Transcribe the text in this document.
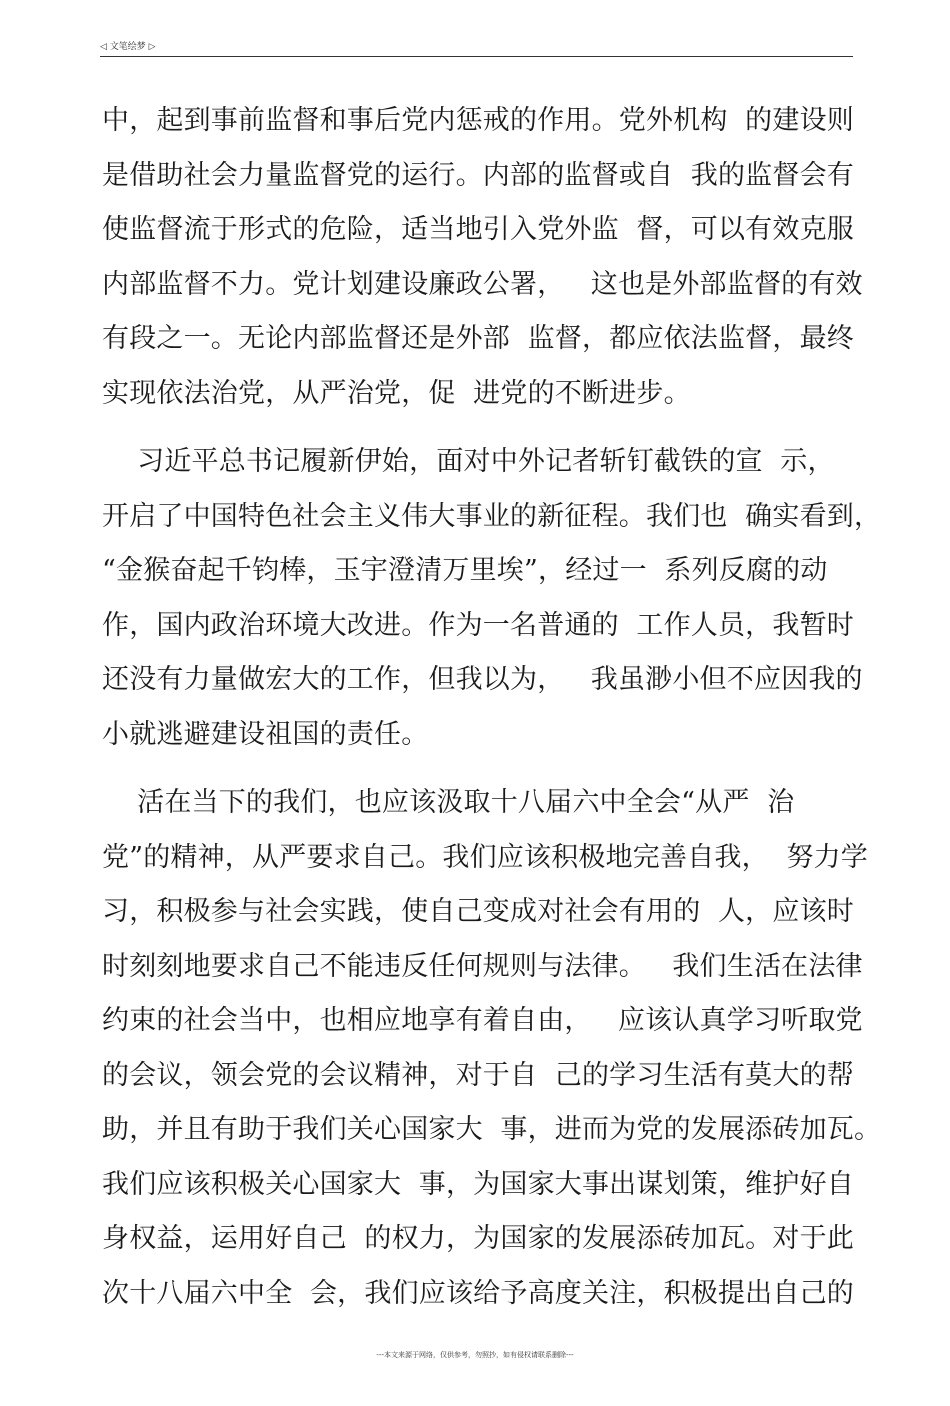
◁ 文笔绘梦 ▷
中，起到事前监督和事后党内惩戒的作用。党外机构  的建设则
是借助社会力量监督党的运行。内部的监督或自  我的监督会有
使监督流于形式的危险，适当地引入党外监  督，可以有效克服
内部监督不力。党计划建设廉政公署，   这也是外部监督的有效
有段之一。无论内部监督还是外部  监督，都应依法监督，最终
实现依法治党，从严治党，促  进党的不断进步。
习近平总书记履新伊始，面对中外记者斩钉截铁的宣  示，
开启了中国特色社会主义伟大事业的新征程。我们也  确实看到，
“金猴奋起千钧棒，玉宇澄清万里埃”，经过一  系列反腐的动
作，国内政治环境大改进。作为一名普通的  工作人员，我暂时
还没有力量做宏大的工作，但我以为，   我虽渺小但不应因我的
小就逃避建设祖国的责任。
活在当下的我们，也应该汲取十八届六中全会“从严  治
党”的精神，从严要求自己。我们应该积极地完善自我，  努力学
习，积极参与社会实践，使自己变成对社会有用的  人，应该时
时刻刻地要求自己不能违反任何规则与法律。   我们生活在法律
约束的社会当中，也相应地享有着自由，   应该认真学习听取党
的会议，领会党的会议精神，对于自  己的学习生活有莫大的帮
助，并且有助于我们关心国家大  事，进而为党的发展添砖加瓦。
我们应该积极关心国家大  事，为国家大事出谋划策，维护好自
身权益，运用好自己  的权力，为国家的发展添砖加瓦。对于此
次十八届六中全  会，我们应该给予高度关注，积极提出自己的
---本文来源于网络，仅供参考，勿照抄，如有侵权请联系删除---
